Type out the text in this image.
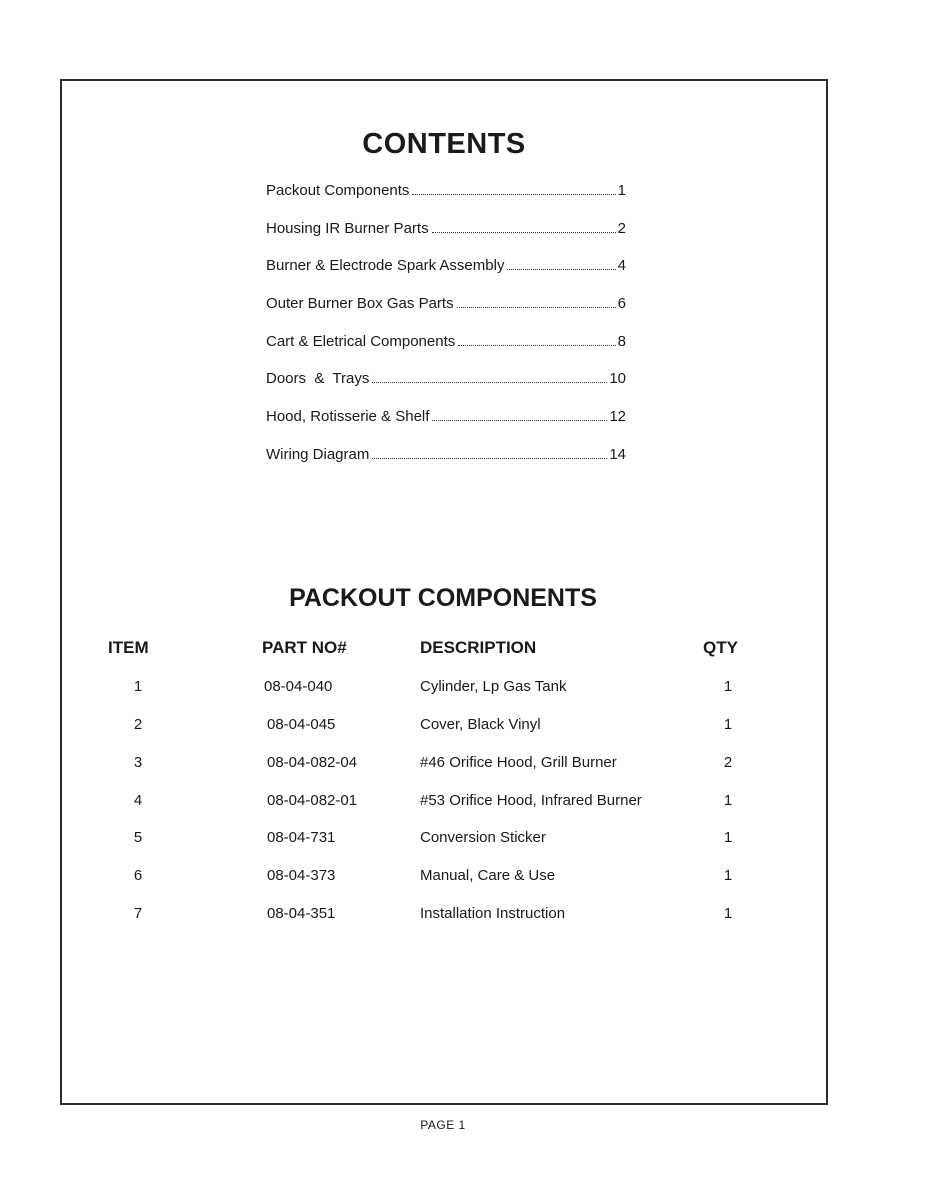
CONTENTS
Packout Components	1
Housing IR Burner Parts	2
Burner & Electrode Spark Assembly	4
Outer Burner Box Gas Parts	6
Cart & Eletrical Components	8
Doors  &  Trays	10
Hood, Rotisserie & Shelf	12
Wiring Diagram	14
PACKOUT COMPONENTS
ITEM	PART NO#	DESCRIPTION	QTY
1	08-04-040	Cylinder, Lp Gas Tank	1
2	08-04-045	Cover, Black Vinyl	1
3	08-04-082-04	#46 Orifice Hood, Grill Burner	2
4	08-04-082-01	#53 Orifice Hood, Infrared Burner	1
5	08-04-731	Conversion Sticker	1
6	08-04-373	Manual, Care & Use	1
7	08-04-351	Installation Instruction	1
PAGE 1
